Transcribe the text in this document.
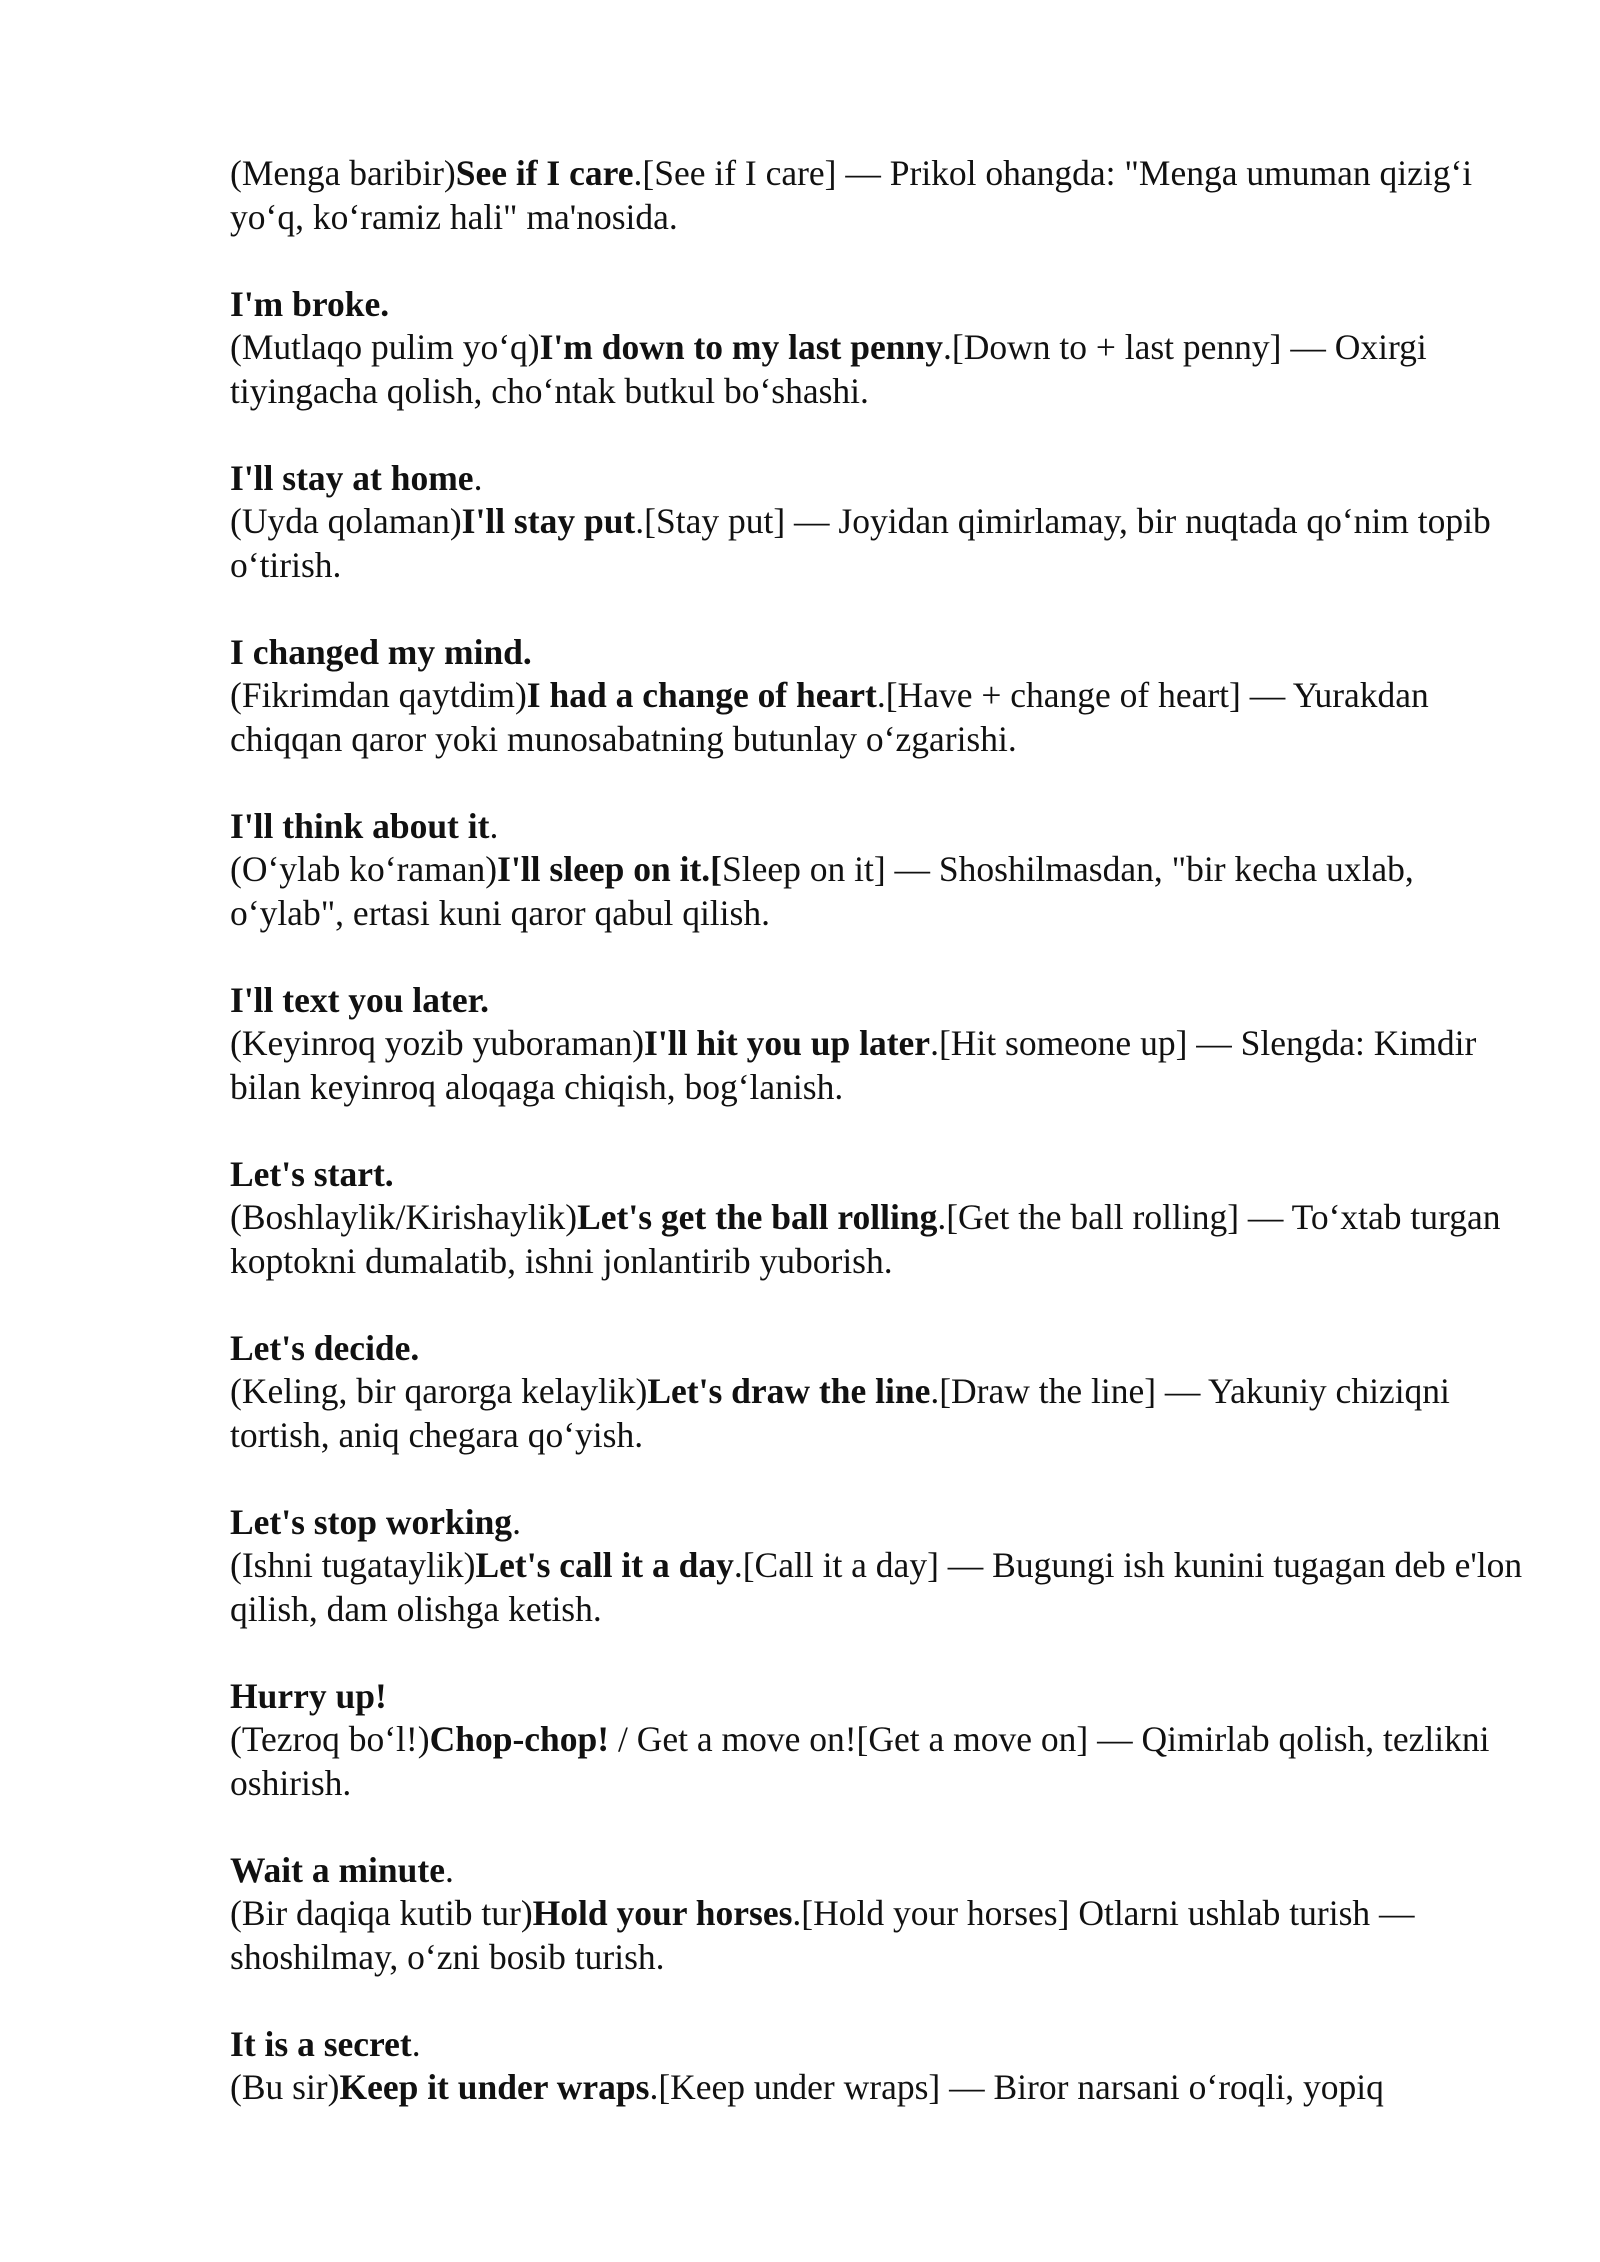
(Menga baribir)See if I care.[See if I care] — Prikol ohangda: "Menga umuman qizig‘i yo‘q, ko‘ramiz hali" ma'nosida.

I'm broke.

(Mutlaqo pulim yo‘q)I'm down to my last penny.[Down to + last penny] — Oxirgi tiyingacha qolish, cho‘ntak butkul bo‘shashi.

I'll stay at home.

(Uyda qolaman)I'll stay put.[Stay put] — Joyidan qimirlamay, bir nuqtada qo‘nim topib o‘tirish.

I changed my mind.

(Fikrimdan qaytdim)I had a change of heart.[Have + change of heart] — Yurakdan chiqqan qaror yoki munosabatning butunlay o‘zgarishi.

I'll think about it.

(O‘ylab ko‘raman)I'll sleep on it.[Sleep on it] — Shoshilmasdan, "bir kecha uxlab, o‘ylab", ertasi kuni qaror qabul qilish.

I'll text you later.

(Keyinroq yozib yuboraman)I'll hit you up later.[Hit someone up] — Slengda: Kimdir bilan keyinroq aloqaga chiqish, bog‘lanish.

Let's start.

(Boshlaylik/Kirishaylik)Let's get the ball rolling.[Get the ball rolling] — To‘xtab turgan koptokni dumalatib, ishni jonlantirib yuborish.

Let's decide.

(Keling, bir qarorga kelaylik)Let's draw the line.[Draw the line] — Yakuniy chiziqni tortish, aniq chegara qo‘yish.

Let's stop working.

(Ishni tugataylik)Let's call it a day.[Call it a day] — Bugungi ish kunini tugagan deb e'lon qilish, dam olishga ketish.

Hurry up!

(Tezroq bo‘l!)Chop-chop! / Get a move on![Get a move on] — Qimirlab qolish, tezlikni oshirish.

Wait a minute.

(Bir daqiqa kutib tur)Hold your horses.[Hold your horses] Otlarni ushlab turish — shoshilmay, o‘zni bosib turish.

It is a secret.

(Bu sir)Keep it under wraps.[Keep under wraps] — Biror narsani o‘roqli, yopiq
